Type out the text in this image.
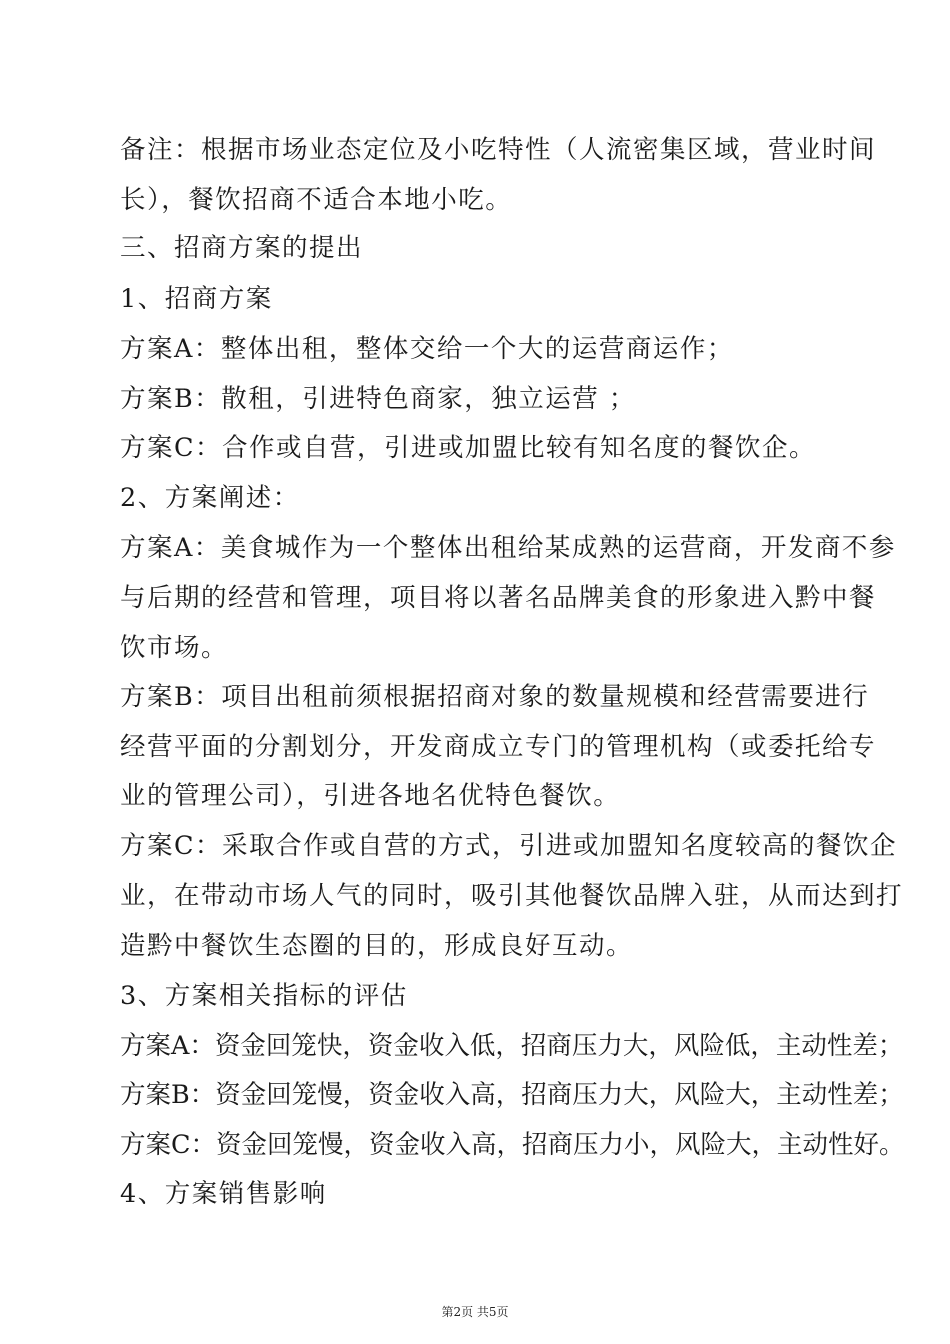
备注：根据市场业态定位及小吃特性（人流密集区域，营业时间
长），餐饮招商不适合本地小吃。
三、招商方案的提出
1、招商方案
方案A：整体出租，整体交给一个大的运营商运作；
方案B：散租，引进特色商家，独立运营 ；
方案C：合作或自营，引进或加盟比较有知名度的餐饮企。
2、方案阐述：
方案A：美食城作为一个整体出租给某成熟的运营商，开发商不参
与后期的经营和管理，项目将以著名品牌美食的形象进入黔中餐
饮市场。
方案B：项目出租前须根据招商对象的数量规模和经营需要进行
经营平面的分割划分，开发商成立专门的管理机构（或委托给专
业的管理公司），引进各地名优特色餐饮。
方案C：采取合作或自营的方式，引进或加盟知名度较高的餐饮企
业，在带动市场人气的同时，吸引其他餐饮品牌入驻，从而达到打
造黔中餐饮生态圈的目的，形成良好互动。
3、方案相关指标的评估
方案A：资金回笼快，资金收入低，招商压力大，风险低，主动性差；
方案B：资金回笼慢，资金收入高，招商压力大，风险大，主动性差；
方案C：资金回笼慢，资金收入高，招商压力小，风险大，主动性好。
4、方案销售影响
第2页 共5页
